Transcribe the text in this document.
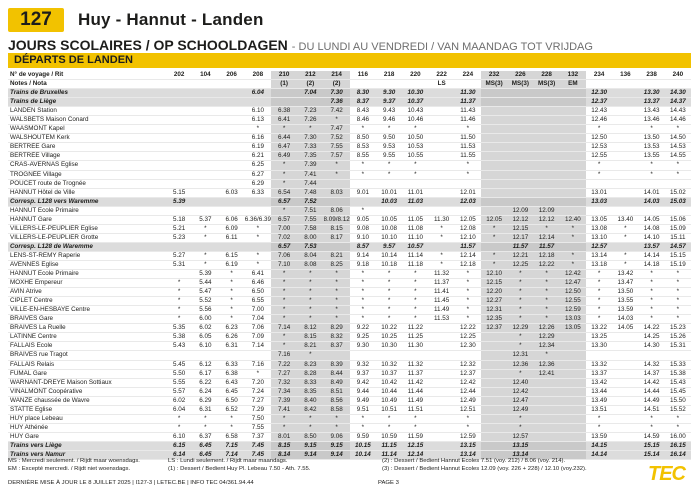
127	Huy - Hannut - Landen
JOURS SCOLAIRES / OP SCHOOLDAGEN - DU LUNDI AU VENDREDI / VAN MAANDAG TOT VRIJDAG
DÉPARTS DE LANDEN
N° de voyage / Rit	202	104	206	208	210	212	214	116	218	220	222	224	232	226	228	132	234	136	238	240
Notes / Nota					(1)	(2)	(2)				LS		MS(3)	MS(3)	MS(3)	EM				
Trains de Bruxelles				6.04		7.04	7.30	8.30	9.30	10.30		11.30					12.30		13.30	14.30
Trains de Liège							7.36	8.37	9.37	10.37		11.37					12.37		13.37	14.37
LANDEN Station				6.10	6.38	7.23	7.42	8.43	9.43	10.43		11.43					12.43		13.43	14.43
WALSBETS Maison Conard				6.13	6.41	7.26	*	8.46	9.46	10.46		11.46					12.46		13.46	14.46
WAASMONT Kapel				*	*	*	7.47	*	*	*		*					*		*	*
WALSHOUTEM Kerk				6.16	6.44	7.30	7.52	8.50	9.50	10.50		11.50					12.50		13.50	14.50
BERTRÉE Gare				6.19	6.47	7.33	7.55	8.53	9.53	10.53		11.53					12.53		13.53	14.53
BERTRÉE Village				6.21	6.49	7.35	7.57	8.55	9.55	10.55		11.55					12.55		13.55	14.55
CRAS-AVERNAS Eglise				6.25	*	7.39	*	*	*	*		*					*		*	*
TROGNÉE Village				6.27	*	7.41	*	*	*	*		*					*		*	*
POUCET route de Trognée				6.29	*	7.44														
HANNUT Hôtel de Ville	5.15		6.03	6.33	6.54	7.48	8.03	9.01	10.01	11.01		12.01					13.01		14.01	15.02
Corresp. L128 vers Waremme	5.39				6.57	7.52			10.03	11.03		12.03					13.03		14.03	15.03
HANNUT Ecole Primaire					*	7.51	8.06	*						12.09	12.09					
HANNUT Gare	5.18	5.37	6.06	6.36/6.39	6.57	7.55	8.09/8.12	9.05	10.05	11.05	11.30	12.05	12.05	12.12	12.12	12.40	13.05	13.40	14.05	15.06
VILLERS-LE-PEUPLIER Eglise	5.21	*	6.09	*	7.00	7.58	8.15	9.08	10.08	11.08	*	12.08	*	12.15	*	*	13.08	*	14.08	15.09
VILLERS-LE-PEUPLIER Grotte	5.23	*	6.11	*	7.02	8.00	8.17	9.10	10.10	11.10	*	12.10	*	12.17	12.14	*	13.10	*	14.10	15.11
Corresp. L128 de Waremme					6.57	7.53		8.57	9.57	10.57		11.57		11.57	11.57		12.57		13.57	14.57
LENS-ST-REMY Raperie	5.27	*	6.15	*	7.06	8.04	8.21	9.14	10.14	11.14	*	12.14	*	12.21	12.18	*	13.14	*	14.14	15.15
AVENNES Eglise	5.31	*	6.19	*	7.10	8.08	8.25	9.18	10.18	11.18	*	12.18	*	12.25	12.22	*	13.18	*	14.18	15.19
HANNUT Ecole Primaire		5.39	*	6.41	*	*	*	*	*	*	11.32	*	12.10	*	*	12.42	*	13.42	*	*
MOXHE Empereur	*	5.44	*	6.46	*	*	*	*	*	*	11.37	*	12.15	*	*	12.47	*	13.47	*	*
AVIN Atrive	*	5.47	*	6.50	*	*	*	*	*	*	11.41	*	12.20	*	*	12.50	*	13.50	*	*
CIPLET Centre	*	5.52	*	6.55	*	*	*	*	*	*	11.45	*	12.27	*	*	12.55	*	13.55	*	*
VILLE-EN-HESBAYE Centre	*	5.56	*	7.00	*	*	*	*	*	*	11.49	*	12.31	*	*	12.59	*	13.59	*	*
BRAIVES Gare	*	6.00	*	7.04	*	*	*	*	*	*	11.53	*	12.35	*	*	13.03	*	14.03	*	*
BRAIVES La Ruelle	5.35	6.02	6.23	7.06	7.14	8.12	8.29	9.22	10.22	11.22		12.22	12.37	12.29	12.26	13.05	13.22	14.05	14.22	15.23
LATINNE Centre	5.38	6.05	6.26	7.09	*	8.15	8.32	9.25	10.25	11.25		12.25		*	12.29		13.25		14.25	15.26
FALLAIS Ecole	5.43	6.10	6.31	7.14	*	8.21	8.37	9.30	10.30	11.30		12.30		*	12.34		13.30		14.30	15.31
BRAIVES rue Tragot					7.16	*								12.31	*					
FALLAIS Relais	5.45	6.12	6.33	7.16	7.22	8.23	8.39	9.32	10.32	11.32		12.32		12.36	12.36		13.32		14.32	15.33
FUMAL Gare	5.50	6.17	6.38	*	7.27	8.28	8.44	9.37	10.37	11.37		12.37		*	12.41		13.37		14.37	15.38
WARNANT-DREYE Maison Sottiaux	5.55	6.22	6.43	7.20	7.32	8.33	8.49	9.42	10.42	11.42		12.42		12.40			13.42		14.42	15.43
VINALMONT Coopérative	5.57	6.24	6.45	7.24	7.34	8.35	8.51	9.44	10.44	11.44		12.44		12.42			13.44		14.44	15.45
WANZE chaussée de Wavre	6.02	6.29	6.50	7.27	7.39	8.40	8.56	9.49	10.49	11.49		12.49		12.47			13.49		14.49	15.50
STATTE Eglise	6.04	6.31	6.52	7.29	7.41	8.42	8.58	9.51	10.51	11.51		12.51		12.49			13.51		14.51	15.52
HUY place Lebeau	*	*	*	7.50	*	*	*	*	*	*		*		*			*		*	*
HUY Athénée	*	*	*	7.55	*	*	*	*	*	*		*		*			*		*	*
HUY Gare	6.10	6.37	6.58	7.37	8.01	8.50	9.06	9.59	10.59	11.59		12.59		12.57			13.59		14.59	16.00
Trains vers Liège	6.15	6.45	7.15	7.45	8.15	9.15	9.15	10.15	11.15	12.15		13.15		13.15			14.15		15.15	16.15
Trains vers Namur	6.14	6.45	7.14	7.45	8.14	9.14	9.14	10.14	11.14	12.14		13.14		13.14			14.14		15.14	16.14
MS : Mercredi seulement. / Rijdt maar woensdags.	LS : Lundi seulement. / Rijdt maar maandags.	(2) : Dessert / Bedient Hannut Ecoles 7.51 (voy. 212) / 8.06 (voy. 214).
EM : Excepté mercredi. / Rijdt niet woensdags.	(1) : Dessert / Bedient Huy Pl. Lebeau 7.50 - Ath. 7.55.	(3) : Dessert / Bedient Hannut Ecoles 12.09 (voy. 226 + 228) / 12.10 (voy.232).
DERNIÈRE MISE À JOUR LE 8 JUILLET 2025 | I127-3 | LETEC.BE | INFO TEC 04/361.94.44	PAGE 3	TEC
